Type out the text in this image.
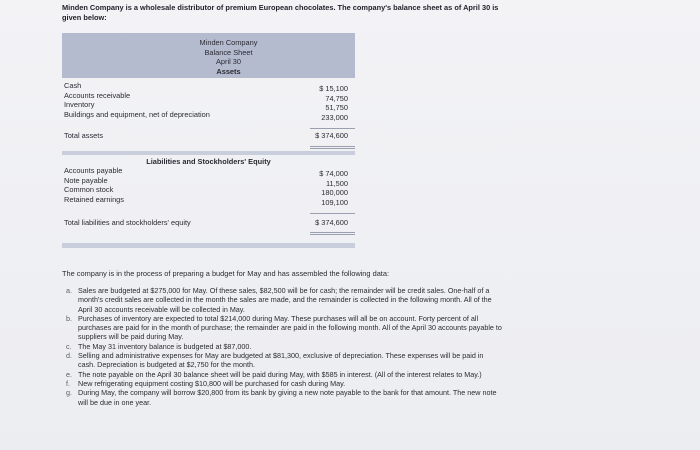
Minden Company is a wholesale distributor of premium European chocolates. The company's balance sheet as of April 30 is given below:
Minden Company
Balance Sheet
April 30
Assets
Cash	$ 15,100
Accounts receivable	74,750
Inventory	51,750
Buildings and equipment, net of depreciation	233,000
Total assets	$ 374,600
Liabilities and Stockholders' Equity
Accounts payable	$ 74,000
Note payable	11,500
Common stock	180,000
Retained earnings	109,100
Total liabilities and stockholders' equity	$ 374,600
The company is in the process of preparing a budget for May and has assembled the following data:
a. Sales are budgeted at $275,000 for May. Of these sales, $82,500 will be for cash; the remainder will be credit sales. One-half of a month's credit sales are collected in the month the sales are made, and the remainder is collected in the following month. All of the April 30 accounts receivable will be collected in May.
b. Purchases of inventory are expected to total $214,000 during May. These purchases will all be on account. Forty percent of all purchases are paid for in the month of purchase; the remainder are paid in the following month. All of the April 30 accounts payable to suppliers will be paid during May.
c. The May 31 inventory balance is budgeted at $87,000.
d. Selling and administrative expenses for May are budgeted at $81,300, exclusive of depreciation. These expenses will be paid in cash. Depreciation is budgeted at $2,750 for the month.
e. The note payable on the April 30 balance sheet will be paid during May, with $585 in interest. (All of the interest relates to May.)
f. New refrigerating equipment costing $10,800 will be purchased for cash during May.
g. During May, the company will borrow $20,800 from its bank by giving a new note payable to the bank for that amount. The new note will be due in one year.
